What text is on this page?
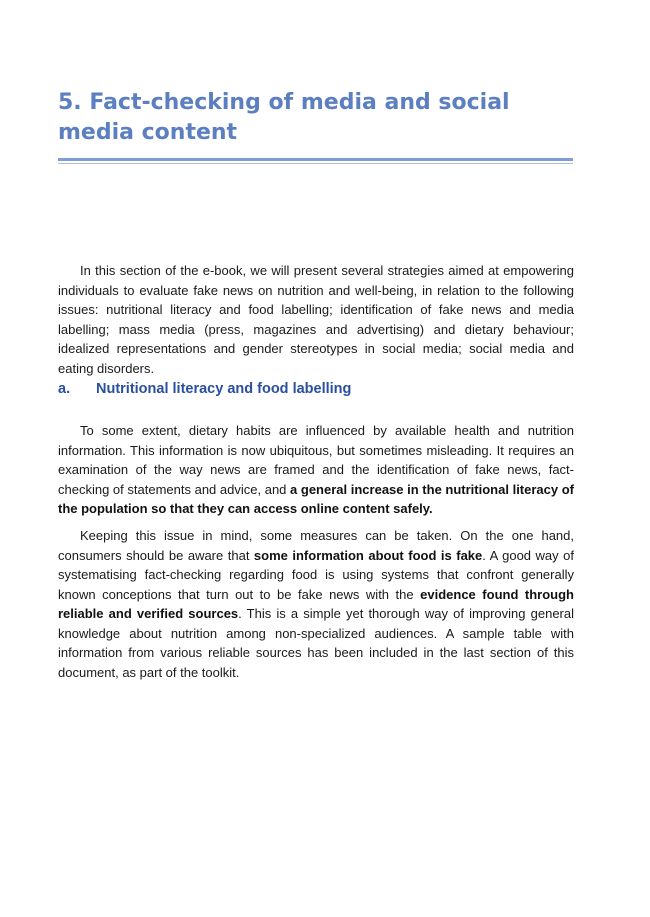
5. Fact-checking of media and social media content

In this section of the e-book, we will present several strategies aimed at empowering individuals to evaluate fake news on nutrition and well-being, in relation to the following issues: nutritional literacy and food labelling; identification of fake news and media labelling; mass media (press, magazines and advertising) and dietary behaviour; idealized representations and gender stereotypes in social media; social media and eating disorders.

a.	Nutritional literacy and food labelling

To some extent, dietary habits are influenced by available health and nutrition information. This information is now ubiquitous, but sometimes misleading. It requires an examination of the way news are framed and the identification of fake news, fact-checking of statements and advice, and a general increase in the nutritional literacy of the population so that they can access online content safely.

Keeping this issue in mind, some measures can be taken. On the one hand, consumers should be aware that some information about food is fake. A good way of systematising fact-checking regarding food is using systems that confront generally known conceptions that turn out to be fake news with the evidence found through reliable and verified sources. This is a simple yet thorough way of improving general knowledge about nutrition among non-specialized audiences. A sample table with information from various reliable sources has been included in the last section of this document, as part of the toolkit.
